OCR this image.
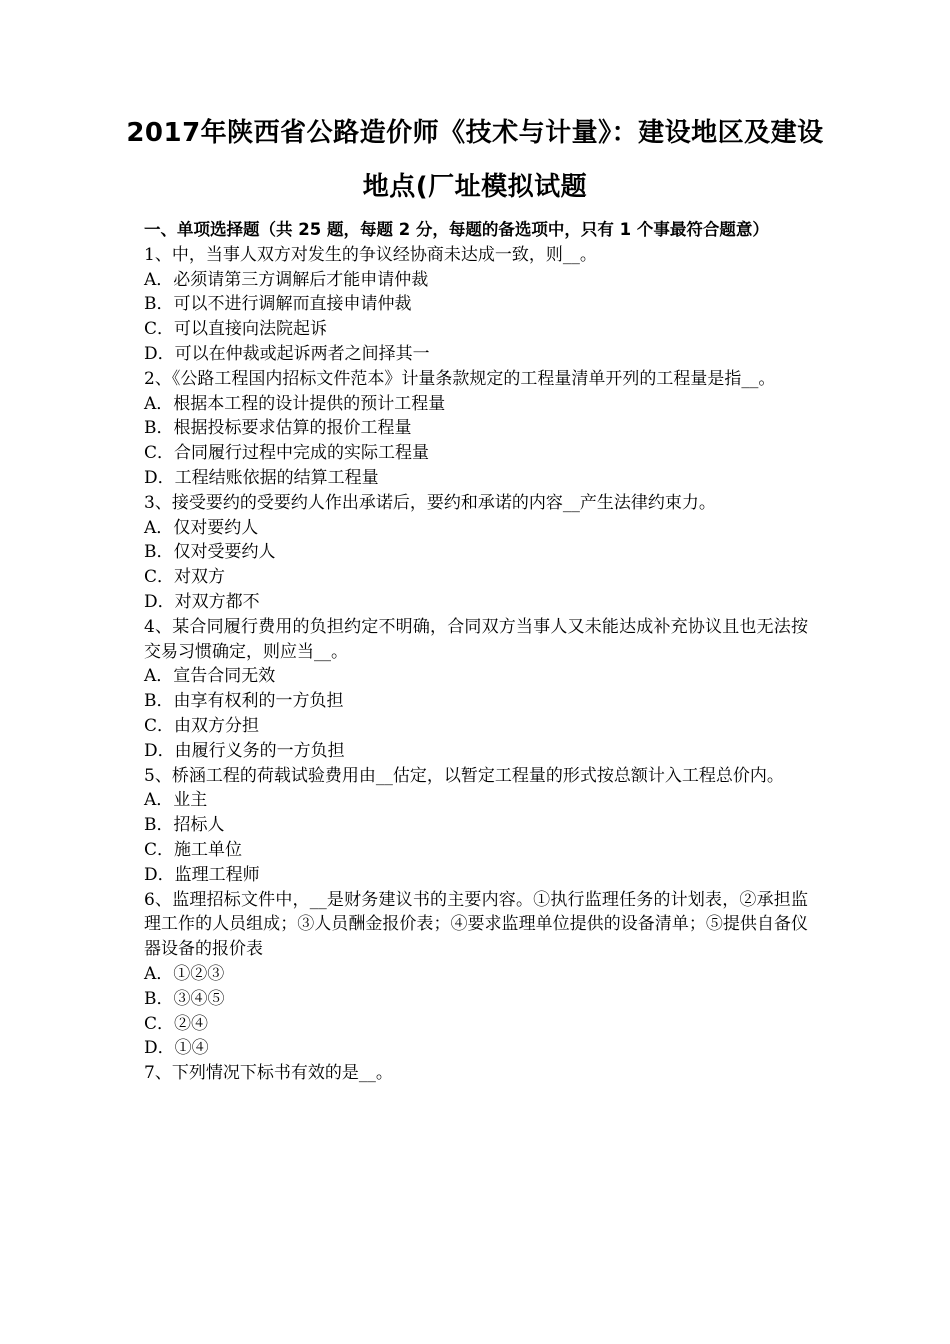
2017年陕西省公路造价师《技术与计量》：建设地区及建设
地点(厂址模拟试题
一、单项选择题（共 25 题，每题 2 分，每题的备选项中，只有 1 个事最符合题意）
1、中，当事人双方对发生的争议经协商未达成一致，则__。
A．必须请第三方调解后才能申请仲裁
B．可以不进行调解而直接申请仲裁
C．可以直接向法院起诉
D．可以在仲裁或起诉两者之间择其一
2、《公路工程国内招标文件范本》计量条款规定的工程量清单开列的工程量是指__。
A．根据本工程的设计提供的预计工程量
B．根据投标要求估算的报价工程量
C．合同履行过程中完成的实际工程量
D．工程结账依据的结算工程量
3、接受要约的受要约人作出承诺后，要约和承诺的内容__产生法律约束力。
A．仅对要约人
B．仅对受要约人
C．对双方
D．对双方都不
4、某合同履行费用的负担约定不明确，合同双方当事人又未能达成补充协议且也无法按交易习惯确定，则应当__。
A．宣告合同无效
B．由享有权利的一方负担
C．由双方分担
D．由履行义务的一方负担
5、桥涵工程的荷载试验费用由__估定，以暂定工程量的形式按总额计入工程总价内。
A．业主
B．招标人
C．施工单位
D．监理工程师
6、监理招标文件中，__是财务建议书的主要内容。①执行监理任务的计划表，②承担监理工作的人员组成；③人员酬金报价表；④要求监理单位提供的设备清单；⑤提供自备仪器设备的报价表
A．①②③
B．③④⑤
C．②④
D．①④
7、下列情况下标书有效的是__。
